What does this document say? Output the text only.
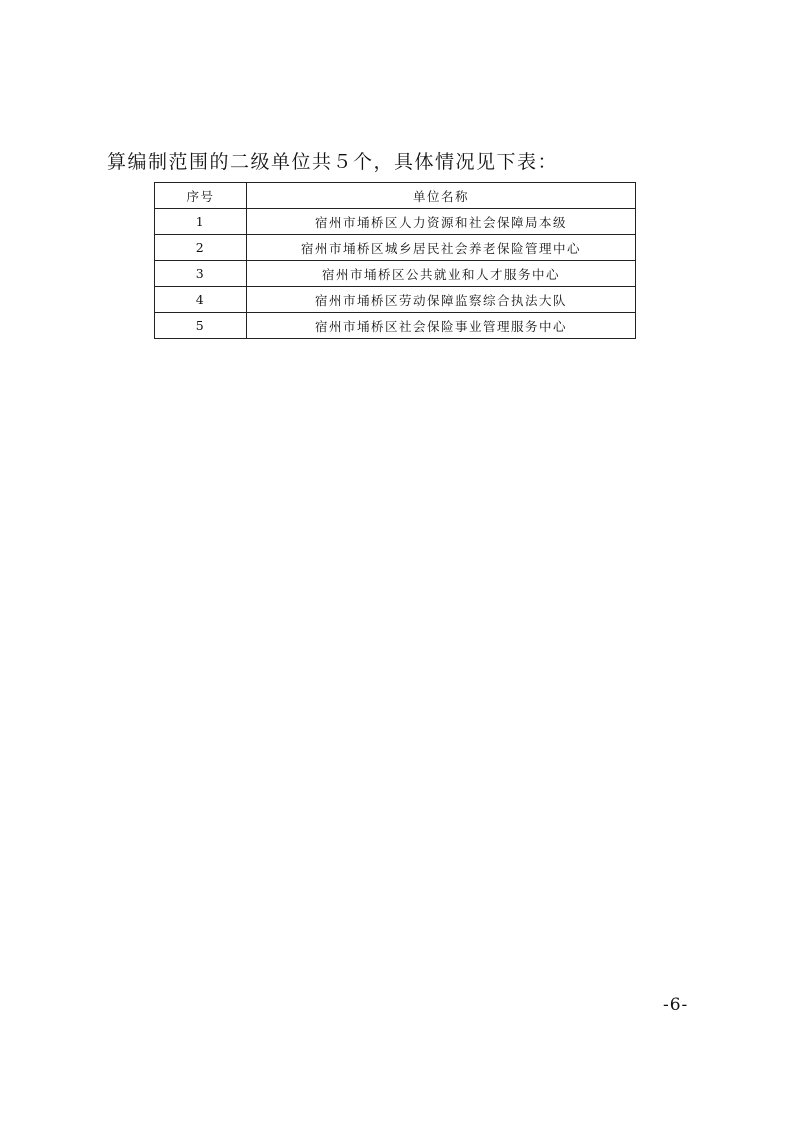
算编制范围的二级单位共５个，具体情况见下表：
序号	单位名称
1	宿州市埇桥区人力资源和社会保障局本级
2	宿州市埇桥区城乡居民社会养老保险管理中心
3	宿州市埇桥区公共就业和人才服务中心
4	宿州市埇桥区劳动保障监察综合执法大队
5	宿州市埇桥区社会保险事业管理服务中心
-6-
